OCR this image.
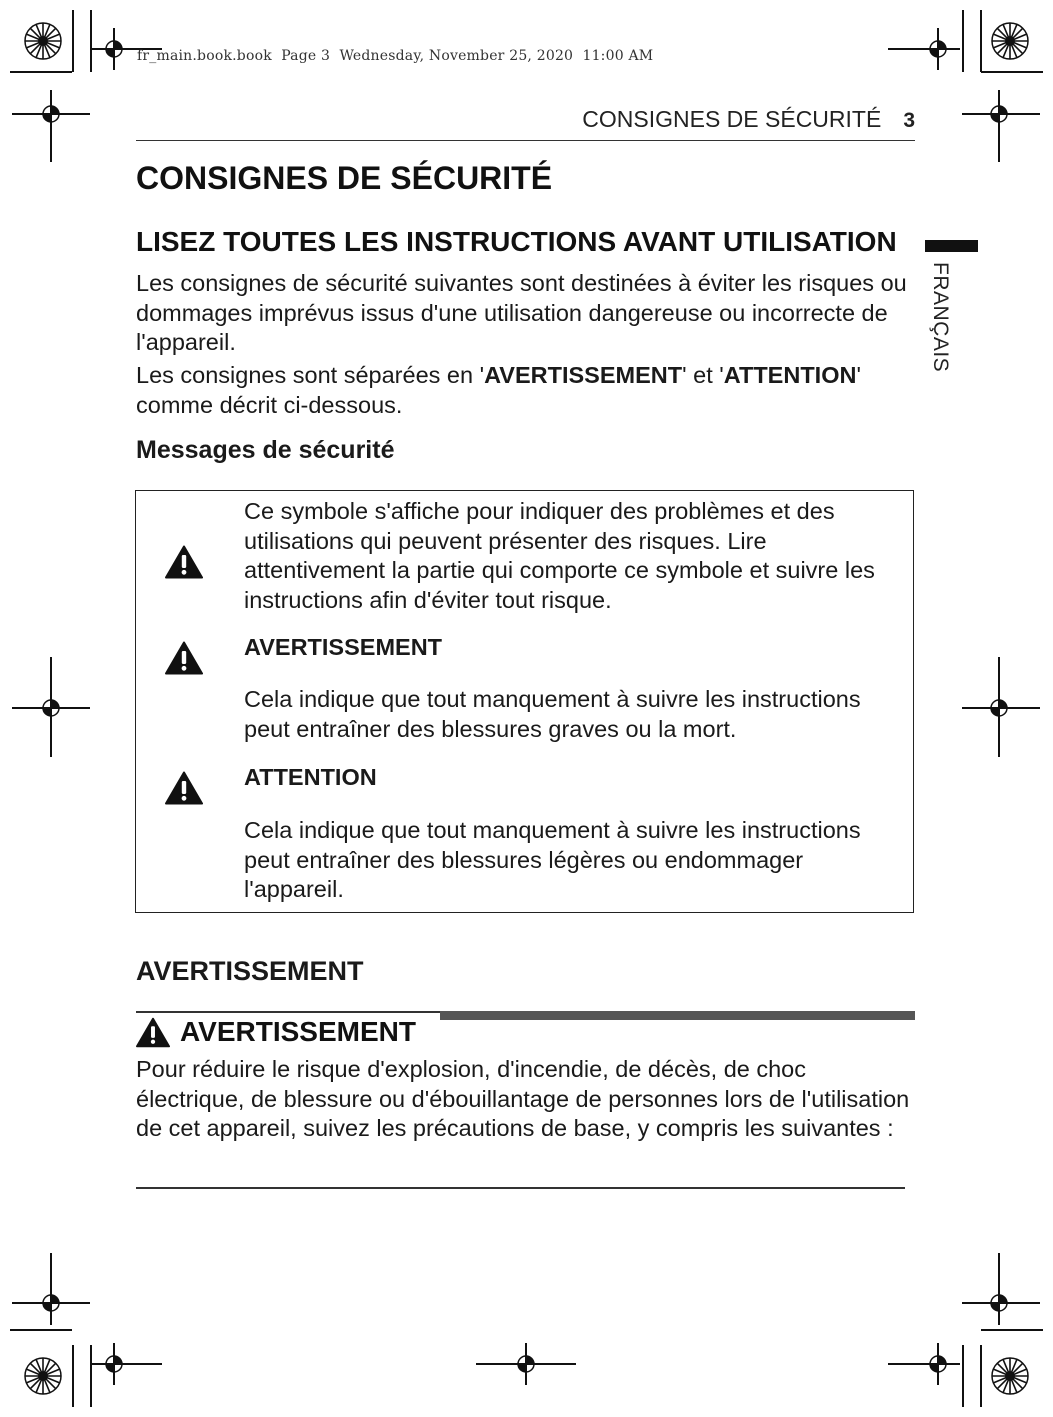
fr_main.book.book  Page 3  Wednesday, November 25, 2020  11:00 AM
CONSIGNES DE SÉCURITÉ 3
FRANÇAIS
CONSIGNES DE SÉCURITÉ
LISEZ TOUTES LES INSTRUCTIONS AVANT UTILISATION

Les consignes de sécurité suivantes sont destinées à éviter les risques ou dommages imprévus issus d'une utilisation dangereuse ou incorrecte de l'appareil.

Les consignes sont séparées en 'AVERTISSEMENT' et 'ATTENTION' comme décrit ci-dessous.

Messages de sécurité

Ce symbole s'affiche pour indiquer des problèmes et des utilisations qui peuvent présenter des risques. Lire attentivement la partie qui comporte ce symbole et suivre les instructions afin d'éviter tout risque.

AVERTISSEMENT

Cela indique que tout manquement à suivre les instructions peut entraîner des blessures graves ou la mort.

ATTENTION

Cela indique que tout manquement à suivre les instructions peut entraîner des blessures légères ou endommager l'appareil.

AVERTISSEMENT
AVERTISSEMENT

Pour réduire le risque d'explosion, d'incendie, de décès, de choc électrique, de blessure ou d'ébouillantage de personnes lors de l'utilisation de cet appareil, suivez les précautions de base, y compris les suivantes :
